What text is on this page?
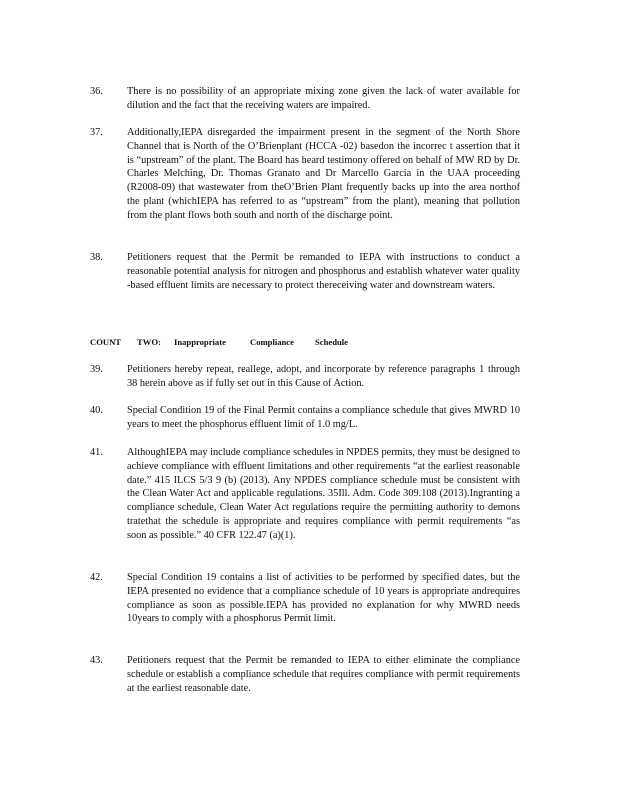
36. There is no possibility of an appropriate mixing zone given the lack of water available for dilution and the fact that the receiving waters are impaired.
37. Additionally,IEPA disregarded the impairment present in the segment of the North Shore Channel that is North of the O’Brienplant (HCCA -02) basedon the incorrec t assertion that it is “upstream” of the plant. The Board has heard testimony offered on behalf of MW RD by Dr. Charles Melching, Dr. Thomas Granato and Dr Marcello Garcia in the UAA proceeding (R2008-09) that wastewater from theO’Brien Plant frequently backs up into the area northof the plant (whichIEPA has referred to as “upstream” from the plant), meaning that pollution from the plant flows both south and north of the discharge point.
38. Petitioners request that the Permit be remanded to IEPA with instructions to conduct a reasonable potential analysis for nitrogen and phosphorus and establish whatever water quality -based effluent limits are necessary to protect thereceiving water and downstream waters.
COUNT TWO: Inappropriate	Compliance Schedule
39. Petitioners hereby repeat, reallege, adopt, and incorporate by reference paragraphs 1 through 38 herein above as if fully set out in this Cause of Action.
40. Special Condition 19 of the Final Permit contains a compliance schedule that gives MWRD 10 years to meet the phosphorus effluent limit of 1.0 mg/L.
41. AlthoughIEPA may include compliance schedules in NPDES permits, they must be designed to achieve compliance with effluent limitations and other requirements “at the earliest reasonable date.” 415 ILCS 5/3 9 (b) (2013). Any NPDES compliance schedule must be consistent with the Clean Water Act and applicable regulations. 35Ill. Adm. Code 309.108 (2013).Ingranting a compliance schedule, Clean Water Act regulations require the permitting authority to demons tratethat the schedule is appropriate and requires compliance with permit requirements “as soon as possible.” 40 CFR 122.47 (a)(1).
42. Special Condition 19 contains a list of activities to be performed by specified dates, but the IEPA presented no evidence that a compliance schedule of 10 years is appropriate andrequires compliance as soon as possible.IEPA has provided no explanation for why MWRD needs 10years to comply with a phosphorus Permit limit.
43. Petitioners request that the Permit be remanded to IEPA to either eliminate the compliance schedule or establish a compliance schedule that requires compliance with permit requirements at the earliest reasonable date.
